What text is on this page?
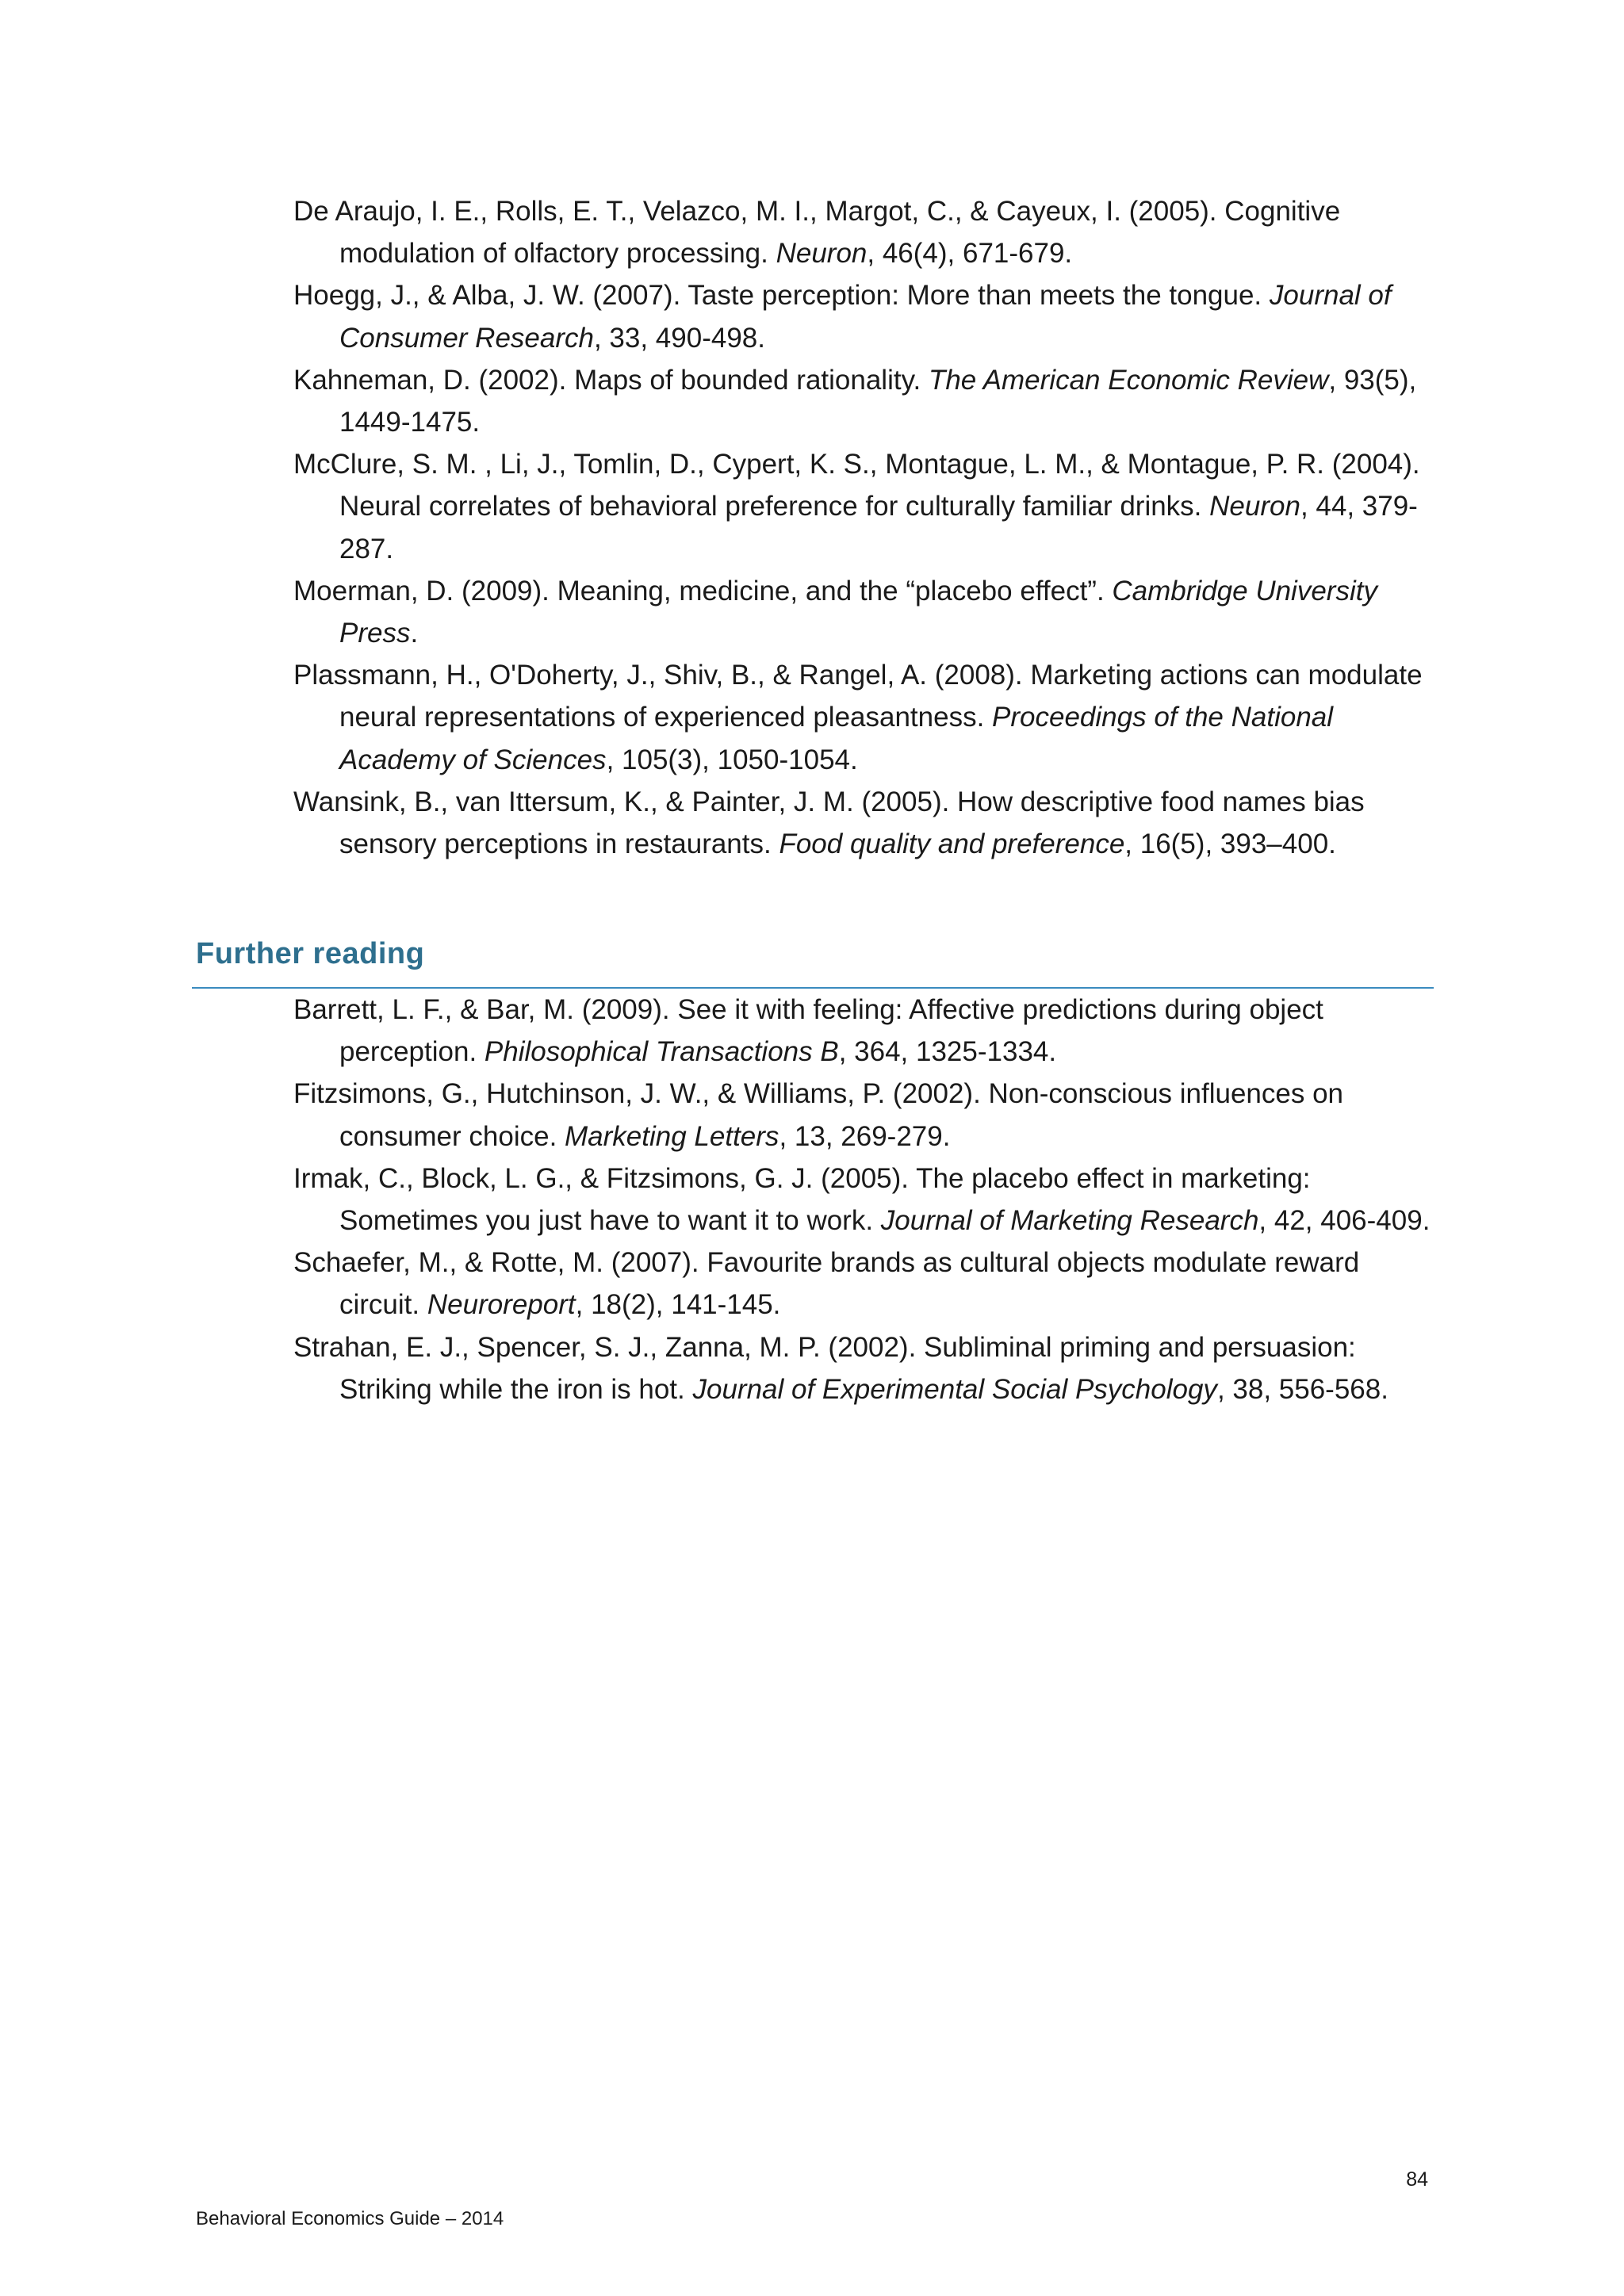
De Araujo, I. E., Rolls, E. T., Velazco, M. I., Margot, C., & Cayeux, I. (2005). Cognitive modulation of olfactory processing. Neuron, 46(4), 671-679.
Hoegg, J., & Alba, J. W. (2007). Taste perception: More than meets the tongue. Journal of Consumer Research, 33, 490-498.
Kahneman, D. (2002). Maps of bounded rationality. The American Economic Review, 93(5), 1449-1475.
McClure, S. M. , Li, J., Tomlin, D., Cypert, K. S., Montague, L. M., & Montague, P. R. (2004). Neural correlates of behavioral preference for culturally familiar drinks. Neuron, 44, 379-287.
Moerman, D. (2009). Meaning, medicine, and the “placebo effect”. Cambridge University Press.
Plassmann, H., O'Doherty, J., Shiv, B., & Rangel, A. (2008). Marketing actions can modulate neural representations of experienced pleasantness. Proceedings of the National Academy of Sciences, 105(3), 1050-1054.
Wansink, B., van Ittersum, K., & Painter, J. M. (2005). How descriptive food names bias sensory perceptions in restaurants. Food quality and preference, 16(5), 393–400.
Further reading
Barrett, L. F., & Bar, M. (2009). See it with feeling: Affective predictions during object perception. Philosophical Transactions B, 364, 1325-1334.
Fitzsimons, G., Hutchinson, J. W., & Williams, P. (2002). Non-conscious influences on consumer choice. Marketing Letters, 13, 269-279.
Irmak, C., Block, L. G., & Fitzsimons, G. J. (2005). The placebo effect in marketing: Sometimes you just have to want it to work. Journal of Marketing Research, 42, 406-409.
Schaefer, M., & Rotte, M. (2007). Favourite brands as cultural objects modulate reward circuit. Neuroreport, 18(2), 141-145.
Strahan, E. J., Spencer, S. J., Zanna, M. P. (2002). Subliminal priming and persuasion: Striking while the iron is hot. Journal of Experimental Social Psychology, 38, 556-568.
84
Behavioral Economics Guide – 2014
